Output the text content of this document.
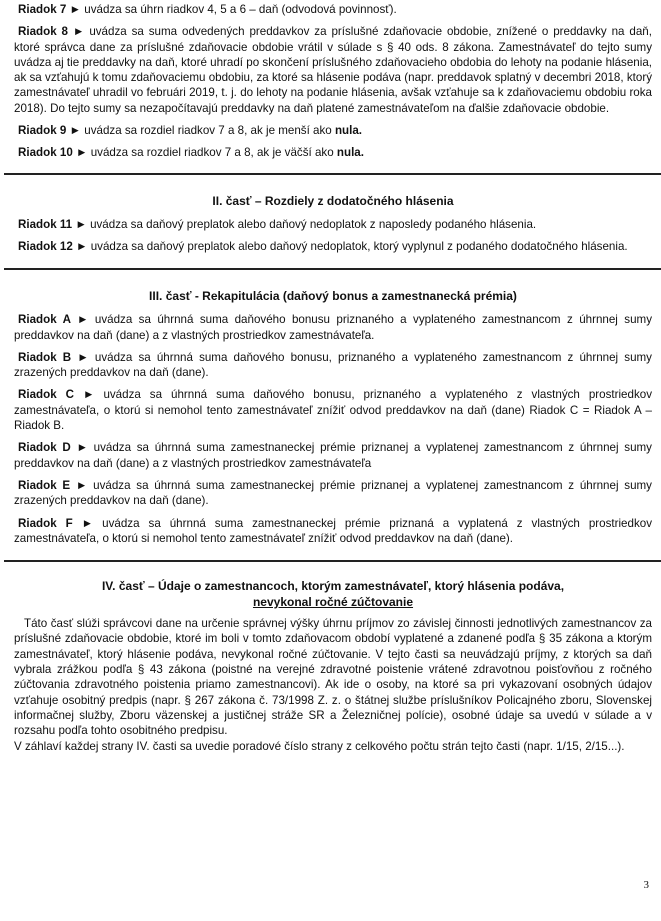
Riadok 7 ► uvádza sa úhrn riadkov 4, 5 a 6 – daň (odvodová povinnosť).

Riadok 8 ► uvádza sa suma odvedených preddavkov za príslušné zdaňovacie obdobie, znížené o preddavky na daň, ktoré správca dane za príslušné zdaňovacie obdobie vrátil v súlade s § 40 ods. 8 zákona. Zamestnávateľ do tejto sumy uvádza aj tie preddavky na daň, ktoré uhradí po skončení príslušného zdaňovacieho obdobia do lehoty na podanie hlásenia, ak sa vzťahujú k tomu zdaňovaciemu obdobiu, za ktoré sa hlásenie podáva (napr. preddavok splatný v decembri 2018, ktorý zamestnávateľ uhradil vo februári 2019, t. j. do lehoty na podanie hlásenia, avšak vzťahuje sa k zdaňovaciemu obdobiu roka 2018). Do tejto sumy sa nezapočítavajú preddavky na daň platené zamestnávateľom na ďalšie zdaňovacie obdobie.

Riadok 9 ► uvádza sa rozdiel riadkov 7 a 8, ak je menší ako nula.

Riadok 10 ► uvádza sa rozdiel riadkov 7 a 8, ak je väčší ako nula.

II. časť – Rozdiely z dodatočného hlásenia

Riadok 11 ► uvádza sa daňový preplatok alebo daňový nedoplatok z naposledy podaného hlásenia.

Riadok 12 ► uvádza sa daňový preplatok alebo daňový nedoplatok, ktorý vyplynul z podaného dodatočného hlásenia.

III. časť - Rekapitulácia (daňový bonus a zamestnanecká prémia)

Riadok A ► uvádza sa úhrnná suma daňového bonusu priznaného a vyplateného zamestnancom z úhrnnej sumy preddavkov na daň (dane) a z vlastných prostriedkov zamestnávateľa.

Riadok B ► uvádza sa úhrnná suma daňového bonusu, priznaného a vyplateného zamestnancom z úhrnnej sumy zrazených preddavkov na daň (dane).

Riadok C ► uvádza sa úhrnná suma daňového bonusu, priznaného a vyplateného z vlastných prostriedkov zamestnávateľa, o ktorú si nemohol tento zamestnávateľ znížiť odvod preddavkov na daň (dane) Riadok C = Riadok A – Riadok B.

Riadok D ► uvádza sa úhrnná suma zamestnaneckej prémie priznanej a vyplatenej zamestnancom z úhrnnej sumy preddavkov na daň (dane) a z vlastných prostriedkov zamestnávateľa

Riadok E ► uvádza sa úhrnná suma zamestnaneckej prémie priznanej a vyplatenej zamestnancom z úhrnnej sumy zrazených preddavkov na daň (dane).

Riadok F ► uvádza sa úhrnná suma zamestnaneckej prémie priznaná a vyplatená z vlastných prostriedkov zamestnávateľa, o ktorú si nemohol tento zamestnávateľ znížiť odvod preddavkov na daň (dane).

IV. časť – Údaje o zamestnancoch, ktorým zamestnávateľ, ktorý hlásenia podáva,
nevykonal ročné zúčtovanie

Táto časť slúži správcovi dane na určenie správnej výšky úhrnu príjmov zo závislej činnosti jednotlivých zamestnancov za príslušné zdaňovacie obdobie, ktoré im boli v tomto zdaňovacom období vyplatené a zdanené podľa § 35 zákona a ktorým zamestnávateľ, ktorý hlásenie podáva, nevykonal ročné zúčtovanie. V tejto časti sa neuvádzajú príjmy, z ktorých sa daň vybrala zrážkou podľa § 43 zákona (poistné na verejné zdravotné poistenie vrátené zdravotnou poisťovňou z ročného zúčtovania zdravotného poistenia priamo zamestnancovi). Ak ide o osoby, na ktoré sa pri vykazovaní osobných údajov vzťahuje osobitný predpis (napr. § 267 zákona č. 73/1998 Z. z. o štátnej službe príslušníkov Policajného zboru, Slovenskej informačnej služby, Zboru väzenskej a justičnej stráže SR a Železničnej polície), osobné údaje sa uvedú v súlade a v rozsahu podľa tohto osobitného predpisu.

V záhlaví každej strany IV. časti sa uvedie poradové číslo strany z celkového počtu strán tejto časti (napr. 1/15, 2/15...).

3
